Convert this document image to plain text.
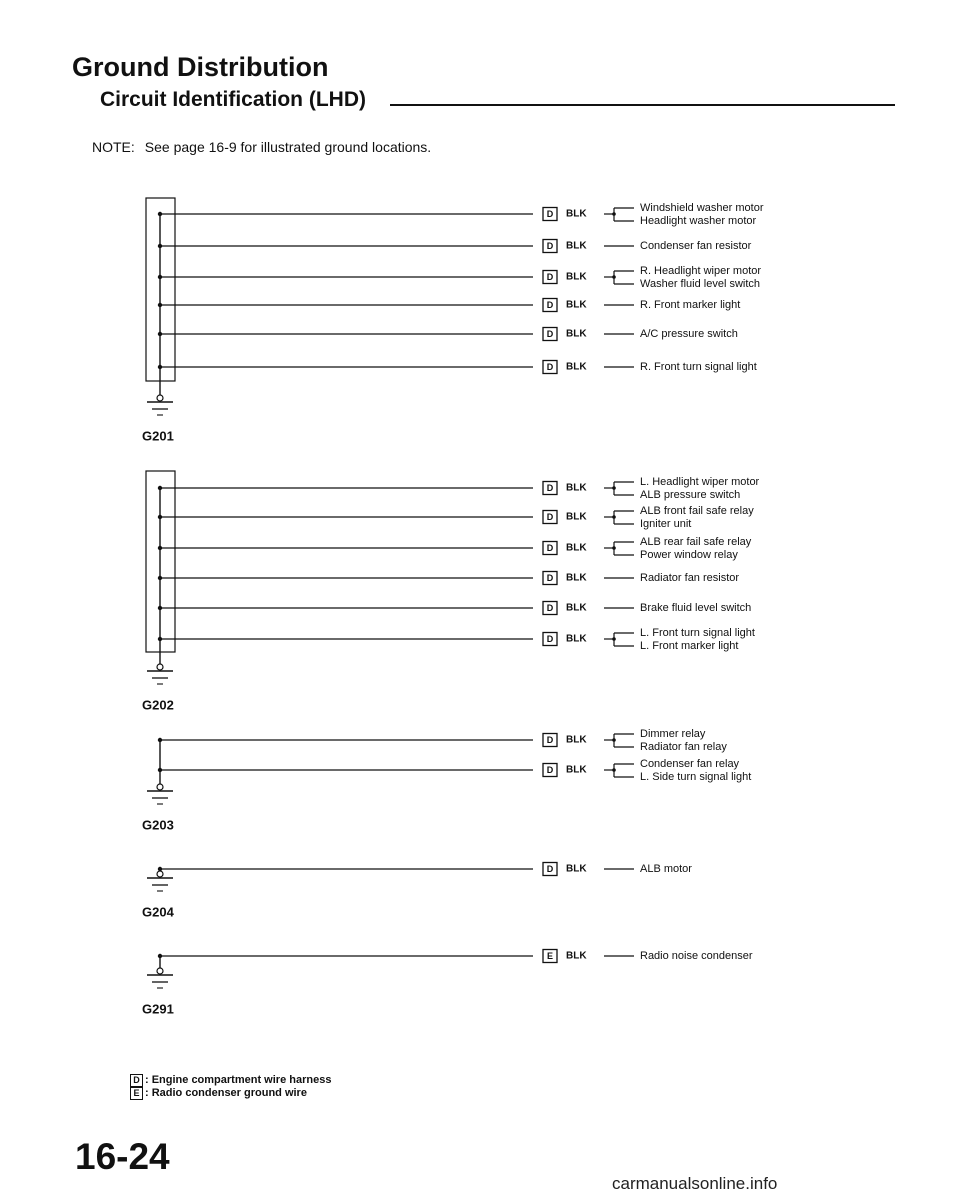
Ground Distribution
Circuit Identification (LHD)
NOTE: See page 16-9 for illustrated ground locations.
G201
D BLK
Windshield washer motor
Headlight washer motor
D BLK	Condenser fan resistor
D BLK
R. Headlight wiper motor
Washer fluid level switch
D BLK	R. Front marker light
D BLK	A/C pressure switch
D BLK	R. Front turn signal light
G202
D BLK
L. Headlight wiper motor
ALB pressure switch
D BLK
ALB front fail safe relay
Igniter unit
D BLK
ALB rear fail safe relay
Power window relay
D BLK	Radiator fan resistor
D BLK	Brake fluid level switch
D BLK
L. Front turn signal light
L. Front marker light
G203
D BLK
Dimmer relay
Radiator fan relay
D BLK
Condenser fan relay
L. Side turn signal light
G204
D BLK	ALB motor
G291
E BLK	Radio noise condenser
D : Engine compartment wire harness
E : Radio condenser ground wire
16-24
carmanualsonline.info
